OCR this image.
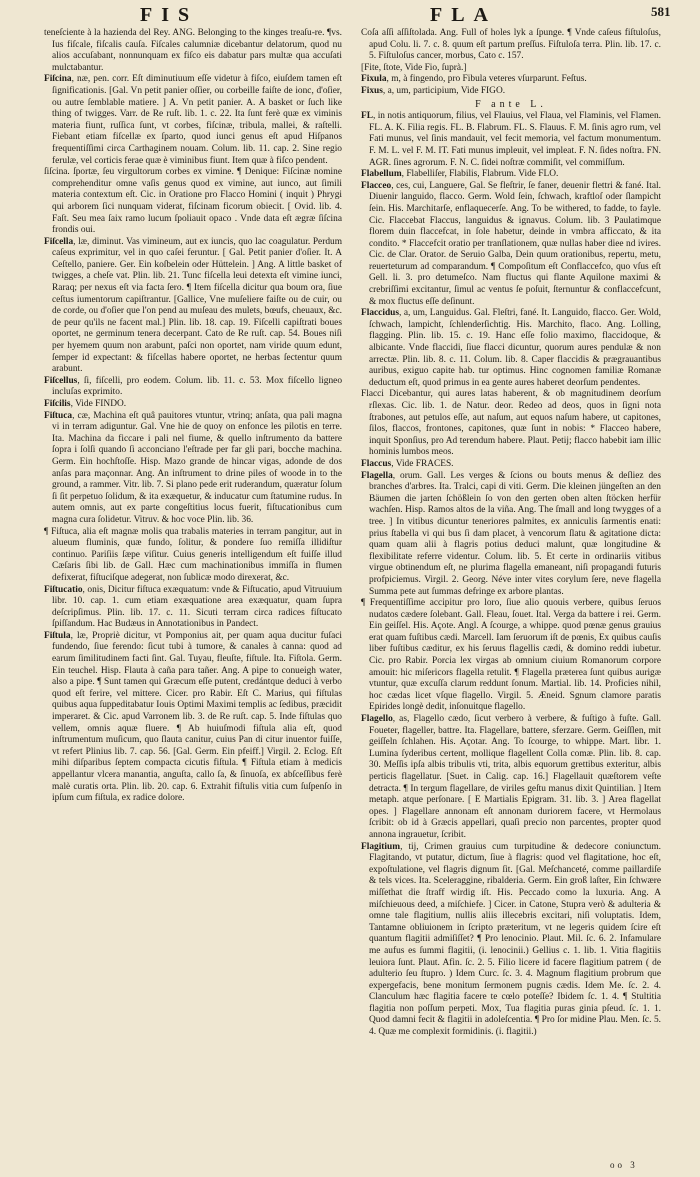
FIS	FLA	581
teneſciente à la hazienda del Rey. ANG. Belonging to the kinges treaſu-re. ¶vs. Ius fiſcale, fiſcalis cauſa. Fiſcales calumniæ dicebantur delatorum, quod nu alios accuſabant, nonnunquam ex fiſco eis dabatur pars multæ qua accuſati mulctabantur.
Fiſcina, næ, pen. corr. Eſt diminutiuum eſſe videtur à fiſco, eiuſdem tamen eſt ſignificationis. [Gal. Vn petit panier oſſier, ou corbeille faiſte de ionc, d'oſier, ou autre ſemblable matiere. ] A. Vn petit panier. A. A basket or ſuch like thing of twigges. Varr. de Re ruſt. lib. 1. c. 22. Ita ſunt ferè quæ ex viminis materia fiunt, ruſſica ſunt, vt corbes, fiſcinæ, tribula, mallei, & raſtelli. Fiebant etiam fiſcellæ ex ſparto, quod iunci genus eſt apud Hiſpanos frequentiſſimi circa Carthaginem nouam. Colum. lib. 11. cap. 2. Sine regio ferulæ, vel corticis ferae quæ è viminibus fiunt. Item quæ à fiſco pendent.
ſiſcina. ſportæ, ſeu virgultorum corbes ex vimine. ¶ Denique: Fiſcinæ nomine comprehenditur omne vaſis genus quod ex vimine, aut iunco, aut ſimili materia contextum eſt. Cic. in Oratione pro Flacco Homini ( inquit ) Phrygi qui arborem ſici nunquam viderat, fiſcinam ficorum obiecit. [ Ovid. lib. 4. Faſt. Seu mea ſaix ramo lucum ſpoliauit opaco . Vnde data eſt ægræ ſiſcina frondis oui.
Fiſcella, læ, diminut. Vas vimineum, aut ex iuncis, quo lac coagulatur. Perdum caſeus exprimitur, vel in quo caſei feruntur. [ Gal. Petit panier d'oſier. It. A Ceſtello, paniere. Ger. Ein koſbelein oder Hüttelein. ] Ang. A little basket of twigges, a cheſe vat. Plin. lib. 21. Tunc fiſcella leui detexta eſt vimine iunci, Raraq; per nexus eſt via facta ſero. ¶ Item fiſcella dicitur qua boum ora, ſiue ceſtus iumentorum capiſtrantur. [Gallice, Vne muſeliere faiſte ou de cuir, ou de corde, ou d'oſier que l'on pend au muſeau des mulets, bœufs, cheuaux, &c. de peur qu'ils ne facent mal.] Plin. lib. 18. cap. 19. Fiſcelli capiſtrati boues oportet, ne germinum tenera decerpant. Cato de Re ruſt. cap. 54. Boues niſi per hyemem quum non arabunt, paſci non oportet, nam viride quum edunt, ſemper id expectant: & fiſcellas habere oportet, ne herbas ſectentur quum arabunt.
Fiſcellus, ſi, fiſcelli, pro eodem. Colum. lib. 11. c. 53. Mox fiſcello ligneo incluſas exprimito.
Fiſcilis, Vide FINDO.
Fiſtuca, cæ, Machina eſt quâ pauitores vtuntur, vtrinq; anſata, qua pali magna vi in terram adiguntur. Gal. Vne hie de quoy on enfonce les pilotis en terre. Ita. Machina da ficcare i pali nel fiume, & quello inſtrumento da battere ſopra i ſolſi quando ſi acconciano l'eſtrade per far gli pari, bocche machina. Germ. Ein hochſtoſſe. Hisp. Mazo grande de hincar vigas, adonde de dos anſas para maçonnar. Ang. An inſtrument to drine piles of woode in to the ground, a rammer. Vitr. lib. 7. Si plano pede erit ruderandum, quæratur ſolum ſi ſit perpetuo ſolidum, & ita exæquetur, & inducatur cum ſtatumine rudus. In autem omnis, aut ex parte congeſtitius locus fuerit, fiſtucationibus cum magna cura ſolidetur. Vitruv. & hoc voce Plin. lib. 36.
¶ Fiſtuca, alia eſt magnæ molis qua trabalis materies in terram pangitur, aut in alueum fluminis, quæ fundo, ſolitur, & pondere ſuo remiſſa illidiſtur continuo. Pariſiis ſæpe viſitur. Cuius generis intelligendum eſt fuiſſe illud Cæſaris ſibi lib. de Gall. Hæc cum machinationibus immiſſa in flumen defixerat, fiſtuciſque adegerat, non ſublicæ modo direxerat, &c.
Fiſtucatio, onis, Dicitur fiſtuca exæquatum: vnde & Fiſtucatio, apud Vitruuium libr. 10. cap. 1. cum etiam exæquatione area exæquatur, quam ſupra deſcripſimus. Plin. lib. 17. c. 11. Sicuti terram circa radices fiſtucato ſpiſſandum. Hac Budæus in Annotationibus in Pandect.
Fiſtula, læ, Propriè dicitur, vt Pomponius ait, per quam aqua ducitur fuſaci fundendo, ſiue ferendo: ſicut tubi à tumore, & canales à canna: quod ad earum ſimilitudinem facti ſint. Gal. Tuyau, fleuſte, fiſtule. Ita. Fiſtola. Germ. Ein teuchel. Hisp. Flauta à caña para tañer. Ang. A pipe to conueigh water, also a pipe. ¶ Sunt tamen qui Græcum eſſe putent, credántque deduci à verbo quod eſt ferire, vel mittere. Cicer. pro Rabir. Eſt C. Marius, qui fiſtulas quibus aqua ſuppeditabatur Iouis Optimi Maximi templis ac ſedibus, præcidit imperaret. & Cic. apud Varronem lib. 3. de Re ruſt. cap. 5. Inde fiſtulas quo vellem, omnis aquæ fluere. ¶ Ab huiuſmodi fiſtula alia eſt, quod inſtrumentum muſicum, quo ſlauta canitur, cuius Pan di citur inuentor fuiſſe, vt refert Plinius lib. 7. cap. 56. [Gal. Germ. Ein pfeiff.] Virgil. 2. Eclog. Eſt mihi diſparibus ſeptem compacta cicutis fiſtula. ¶ Fiſtula etiam à medicis appellantur vlcera manantia, anguſta, callo ſa, & ſinuoſa, ex abſceſſibus ferè malè curatis orta. Plin. lib. 20. cap. 6. Extrahit fiſtulis vitia cum ſuſpenſo in ipſum cum fiſtula, ex radice dolore.
Coſa aſſi aſſiſtolada. Ang. Full of holes lyk a ſpunge. ¶ Vnde caſeus fiſtuloſus, apud Colu. li. 7. c. 8. quum eſt partum preſſus. Fiſtuloſa terra. Plin. lib. 17. c. 5. Fiſtuloſus cancer, morbus, Cato c. 157.
[Fite, ſtote, Vide Fio, ſuprà.]
Fixula, m, à fingendo, pro Fibula veteres vſurparunt. Feſtus.
Fixus, a, um, participium, Vide FIGO.
F ante L.
FL, in notis antiquorum, filius, vel Flauius, vel Flaua, vel Flaminis, vel Flamen. FL. A. K. Filia regis. FL. B. Flabrum. FL. S. Flauus. F. M. ſinis agro rum, vel Fati munus, vel ſinis mandauit, vel fecit memoria, vel factum monumentum. F. M. L. vel F. M. IT. Fati munus impleuit, vel impleat. F. N. ſides noſtra. FN. AGR. ſines agrorum. F. N. C. ſidei noſtræ commiſit, vel commiſſum.
Flabellum, Flabelliſer, Flabilis, Flabrum. Vide FLO.
Flacceo, ces, cui, Languere, Gal. Se fleſtrir, ſe faner, deuenir flettri & fané. Ital. Diuenir languido, flacco. Germ. Wold ſein, ſchwach, kraftloſ oder ſlampicht ſein. His. Marchitarſe, enflaquecerſe. Ang. To be withered, to fadde, to fayle. Cic. Flaccebat Flaccus, languidus & ignavus. Colum. lib. 3 Paulatimque florem duin flaccefcat, in ſole habetur, deinde in vmbra afficcato, & ita condito. * Flaccefcit oratio per tranſlationem, quæ nullas haber diee nd ivires. Cic. de Clar. Orator. de Seruio Galba, Dein quum orationibus, repertu, metu, reuerteturum ad comparandum. ¶ Compoſitum eſt Conflaccefco, quo vſus eſt Gell. li. 3. pro detumeſco. Nam fluctus qui flante Aquilone maximi & crebriſſimi excitantur, ſimul ac ventus ſe poſuit, ſternuntur & conflaccefcunt, & mox fluctus eſſe deſinunt.
Flaccidus, a, um, Languidus. Gal. Fleſtri, fané. It. Languido, flacco. Ger. Wold, ſchwach, lampicht, ſchlenderſichtig. His. Marchito, flaco. Ang. Lolling, flagging. Plin. lib. 15. c. 19. Hanc eſſe folio maximo, flaccidoque, & albicante. Vnde flaccidi, ſiue flacci dicuntur, quorum aures pendulæ & non arrectæ. Plin. lib. 8. c. 11. Colum. lib. 8. Caper flaccidis & prægrauantibus auribus, exiguo capite hab. tur optimus. Hinc cognomen familiæ Romanæ deductum eſt, quod primus in ea gente aures haberet deorſum pendentes.
Flacci Dicebantur, qui aures latas haberent, & ob magnitudinem deorſum rſlexas. Cic. lib. 1. de Natur. deor. Redeo ad deos, quos in ſigni nota ſtrabones, aut petulos eſſe, aut naſum, aut equos naſum habere, ut capitones, ſilos, flaccos, frontones, capitones, quæ ſunt in nobis: * Flacceo habere, inquit Sponſius, pro Ad terendum habere. Plaut. Petij; flacco habebit iam illic hominis lumbos meos.
Flaccus, Vide FRACES.
Flagella, orum. Gall. Les verges & ſcions ou bouts menus & deſliez des branches d'arbres. Ita. Tralci, capi di viti. Germ. Die kleinen jüngeſten an den Bäumen die jarten ſchößlein ſo von den gerten oben alten ſtöcken herfür wachſen. Hisp. Ramos altos de la viña. Ang. The ſmall and long twygges of a tree. ] In vitibus dicuntur teneriores palmites, ex anniculis ſarmentis enati: prius ſtabella vi qui bus ſi dam placet, à vencorum ſlatu & agitatione dicta: quam quam alii à flagris potius deduci malunt, quæ longitudine & flexibilitate referre videntur. Colum. lib. 5. Et certe in ordinariis vitibus virgue obtinendum eſt, ne plurima flagella emaneant, niſi propagandi futuris profpiciemus. Virgil. 2. Georg. Néve inter vites corylum ſere, neve flagella Summa pete aut ſummas defringe ex arbore plantas.
¶ Frequentiſſime accipitur pro loro, ſiue alio quouis verbere, quibus ſeruos nudatos cædere ſolebant. Gall. Fleau, ſouet. Ital. Verga da battere i rei. Germ. Ein geiſſel. His. Açote. Angl. A ſcourge, a whippe. quod pœnæ genus grauius erat quam fuſtibus cædi. Marcell. Iam ſeruorum iſt de pœnis, Ex quibus cauſis liber fuſtibus cæditur, ex his ſeruus flagellis cædi, & domino reddi iubetur. Cic. pro Rabir. Porcia lex virgas ab omnium ciuium Romanorum corpore amouit: hic miſericors flagella retulit. ¶ Flagella præterea ſunt quibus aurigæ vtuntur, quæ excuſſa clarum reddunt ſonum. Martial. lib. 14. Proficies nihil, hoc cædas licet vſque flagello. Virgil. 5. Æneid. Sgnum clamore paratis Epirides longè dedit, inſonuitque flagello.
Flagello, as, Flagello cædo, ſicut verbero à verbere, & fuſtigo à fuſte. Gall. Foueter, flageller, battre. Ita. Flagellare, battere, sferzare. Germ. Geiſſlen, mit geiſſeln ſchlahen. His. Açotar. Ang. To ſcourge, to whippe. Mart. libr. 1. Lumina ſyderibus certent, mollique flagellent Colla comæ. Plin. lib. 8. cap. 30. Meſſis ipſa albis tribulis vti, trita, albis equorum grettibus exteritur, albis perticis flagellatur. [Suet. in Calig. cap. 16.] Flagellauit quæſtorem veſte detracta. ¶ In tergum flagellare, de viriles geſtu manus dixit Quintilian. ] Item metaph. atque perſonare. [ E Martialis Epigram. 31. lib. 3. ] Area flagellat opes. ] Flagellare annonam eſt annonam duriorem facere, vt Hermolaus ſcribit: ob id à Græcis appellari, quaſi precio non parcentes, propter quod annona ingrauetur, ſcribit.
Flagitium, tij, Crimen grauius cum turpitudine & dedecore coniunctum. Flagitando, vt putatur, dictum, ſiue à flagris: quod vel flagitatione, hoc eſt, expoſtulatione, vel flagris dignum ſit. [Gal. Meſchanceté, comme paillardiſe & tels vices. Ita. Sceleraggine, ribalderia. Germ. Ein groß laſter, Ein ſchwære miſſethat die ſtraff wirdig iſt. His. Peccado como la luxuria. Ang. A miſchieuous deed, a miſchiefe. ] Cicer. in Catone, Stupra verò & adulteria & omne tale flagitium, nullis aliis illecebris excitari, niſi voluptatis. Idem, Tantamne obliuionem in ſcripto præteritum, vt ne legeris quidem ſcire eſt quantum flagitii admiſiſſet? ¶ Pro lenocinio. Plaut. Mil. ſc. 6. 2. Infamulare me aufus es ſummi flagitii, (i. lenocinii.) Gellius c. 1. lib. 1. Vitia flagitiis leuiora ſunt. Plaut. Afin. ſc. 2. 5. Filio licere id facere flagitium patrem ( de adulterio ſeu ſtupro. ) Idem Curc. ſc. 3. 4. Magnum flagitium probrum que expergefacis, bene monitum ſermonem pugnis cædis. Idem Me. ſc. 2. 4. Clanculum hæc flagitia facere te cœlo poteſſe? Ibidem ſc. 1. 4. ¶ Stultitia flagitia non poſſum perpeti. Mox, Tua flagitia puras ginia pſeud. ſc. 1. 1. Quod damni fecit & flagitii in adoleſcentia. ¶ Pro ſor midine Plau. Men. ſc. 5. 4. Quæ me complexit formidinis. (i. flagitii.)
oo 3
